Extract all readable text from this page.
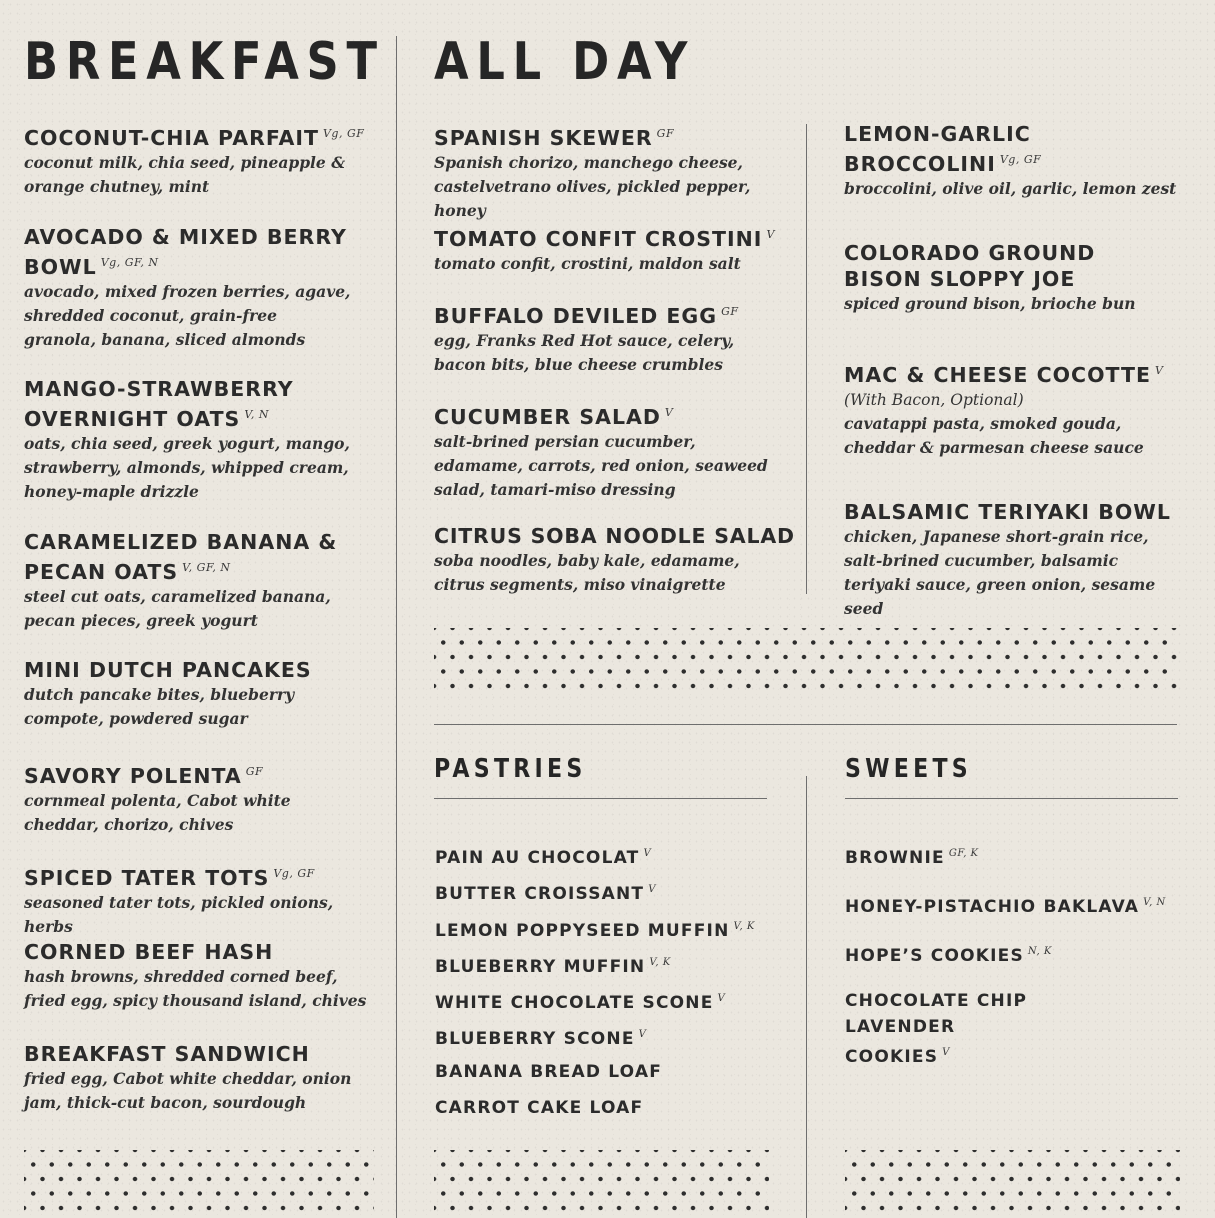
BREAKFAST
COCONUT-CHIA PARFAIT $^{Vg, GF}$
coconut milk, chia seed, pineapple & orange chutney, mint
AVOCADO & MIXED BERRY BOWL $^{Vg, GF, N}$
avocado, mixed frozen berries, agave, shredded coconut, grain-free granola, banana, sliced almonds
MANGO-STRAWBERRY OVERNIGHT OATS $^{V, N}$
oats, chia seed, greek yogurt, mango, strawberry, almonds, whipped cream, honey-maple drizzle
CARAMELIZED BANANA & PECAN OATS $^{V, GF, N}$
steel cut oats, caramelized banana, pecan pieces, greek yogurt
MINI DUTCH PANCAKES
dutch pancake bites, blueberry compote, powdered sugar
SAVORY POLENTA $^{GF}$
cornmeal polenta, Cabot white cheddar, chorizo, chives
SPICED TATER TOTS $^{Vg, GF}$
seasoned tater tots, pickled onions, herbs
CORNED BEEF HASH
hash browns, shredded corned beef, fried egg, spicy thousand island, chives
BREAKFAST SANDWICH
fried egg, Cabot white cheddar, onion jam, thick-cut bacon, sourdough
ALL DAY
SPANISH SKEWER $^{GF}$
Spanish chorizo, manchego cheese, castelvetrano olives, pickled pepper, honey
TOMATO CONFIT CROSTINI $^V$
tomato confit, crostini, maldon salt
BUFFALO DEVILED EGG $^{GF}$
egg, Franks Red Hot sauce, celery, bacon bits, blue cheese crumbles
CUCUMBER SALAD $^V$
salt-brined persian cucumber, edamame, carrots, red onion, seaweed salad, tamari-miso dressing
CITRUS SOBA NOODLE SALAD
soba noodles, baby kale, edamame, citrus segments, miso vinaigrette
LEMON-GARLIC BROCCOLINI $^{Vg, GF}$
broccolini, olive oil, garlic, lemon zest
COLORADO GROUND BISON SLOPPY JOE
spiced ground bison, brioche bun
MAC & CHEESE COCOTTE $^V$
(With Bacon, Optional)
cavatappi pasta, smoked gouda, cheddar & parmesan cheese sauce
BALSAMIC TERIYAKI BOWL
chicken, Japanese short-grain rice, salt-brined cucumber, balsamic teriyaki sauce, green onion, sesame seed
PASTRIES
PAIN AU CHOCOLAT $^V$
BUTTER CROISSANT $^V$
LEMON POPPYSEED MUFFIN $^{V, K}$
BLUEBERRY MUFFIN $^{V, K}$
WHITE CHOCOLATE SCONE $^V$
BLUEBERRY SCONE $^V$
BANANA BREAD LOAF
CARROT CAKE LOAF
SWEETS
BROWNIE $^{GF, K}$
HONEY-PISTACHIO BAKLAVA $^{V, N}$
HOPE’S COOKIES $^{N, K}$
CHOCOLATE CHIP LAVENDER COOKIES $^V$
